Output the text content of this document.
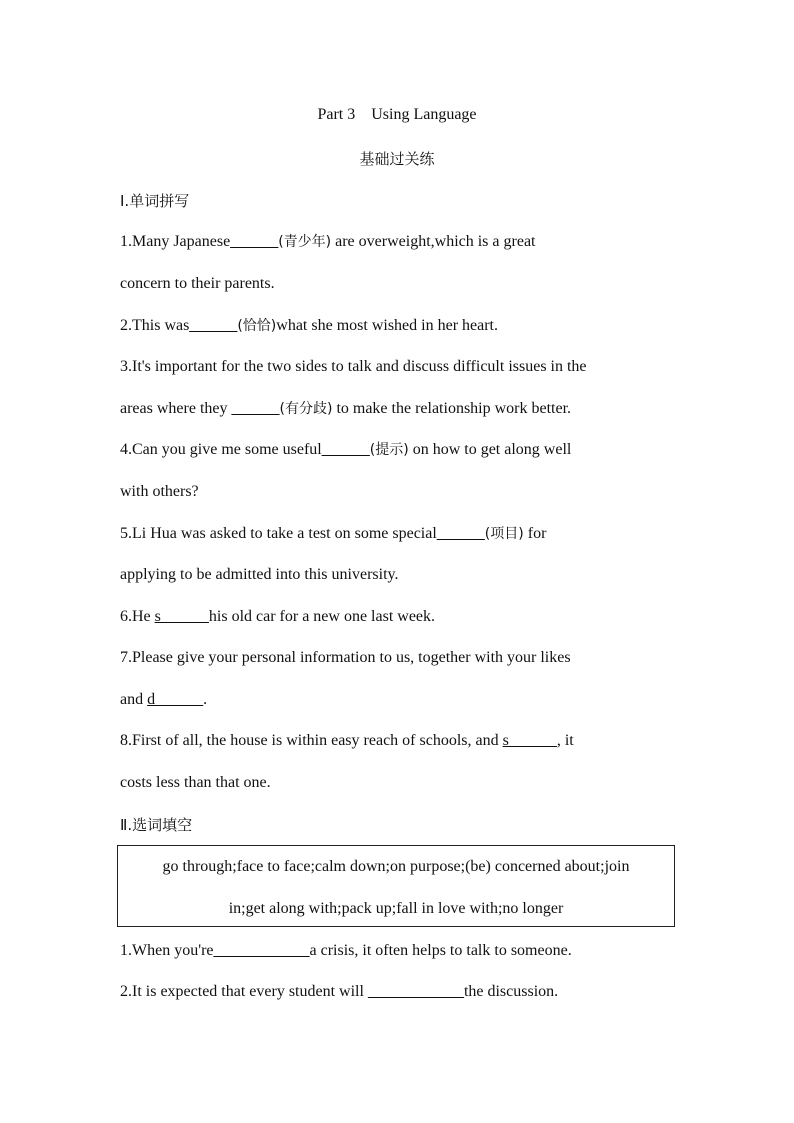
Part 3    Using Language
基础过关练
Ⅰ.单词拼写
1.Many Japanese______(青少年) are overweight,which is a great
concern to their parents.
2.This was______(恰恰)what she most wished in her heart.
3.It's important for the two sides to talk and discuss difficult issues in the
areas where they ______(有分歧) to make the relationship work better.
4.Can you give me some useful______(提示) on how to get along well
with others?
5.Li Hua was asked to take a test on some special______(项目) for
applying to be admitted into this university.
6.He s______his old car for a new one last week.
7.Please give your personal information to us, together with your likes
and d______.
8.First of all, the house is within easy reach of schools, and s______, it
costs less than that one.
Ⅱ.选词填空
go through;face to face;calm down;on purpose;(be) concerned about;join
in;get along with;pack up;fall in love with;no longer
1.When you're____________a crisis, it often helps to talk to someone.
2.It is expected that every student will ____________the discussion.
